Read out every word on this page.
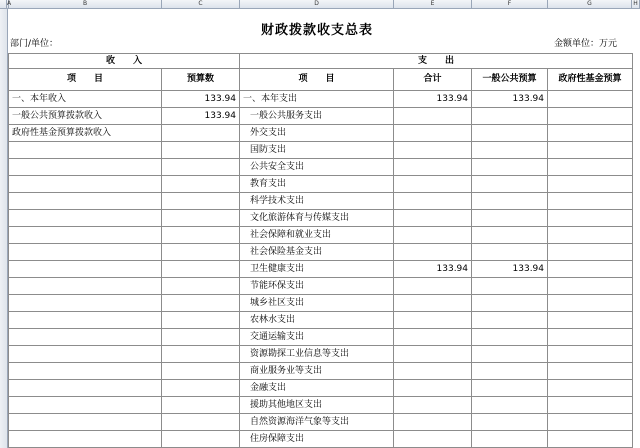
A	B	C	D	E	F	G	H
财政拨款收支总表
部门/单位：	金额单位：万元
收　　入		支　　出			
项　　目	预算数	项　　目	合计	一般公共预算	政府性基金预算
一、本年收入	133.94	一、本年支出	133.94	133.94	
一般公共预算拨款收入	133.94	一般公共服务支出			
政府性基金预算拨款收入		外交支出			
		国防支出			
		公共安全支出			
		教育支出			
		科学技术支出			
		文化旅游体育与传媒支出			
		社会保障和就业支出			
		社会保险基金支出			
		卫生健康支出	133.94	133.94	
		节能环保支出			
		城乡社区支出			
		农林水支出			
		交通运输支出			
		资源勘探工业信息等支出			
		商业服务业等支出			
		金融支出			
		援助其他地区支出			
		自然资源海洋气象等支出			
		住房保障支出			
